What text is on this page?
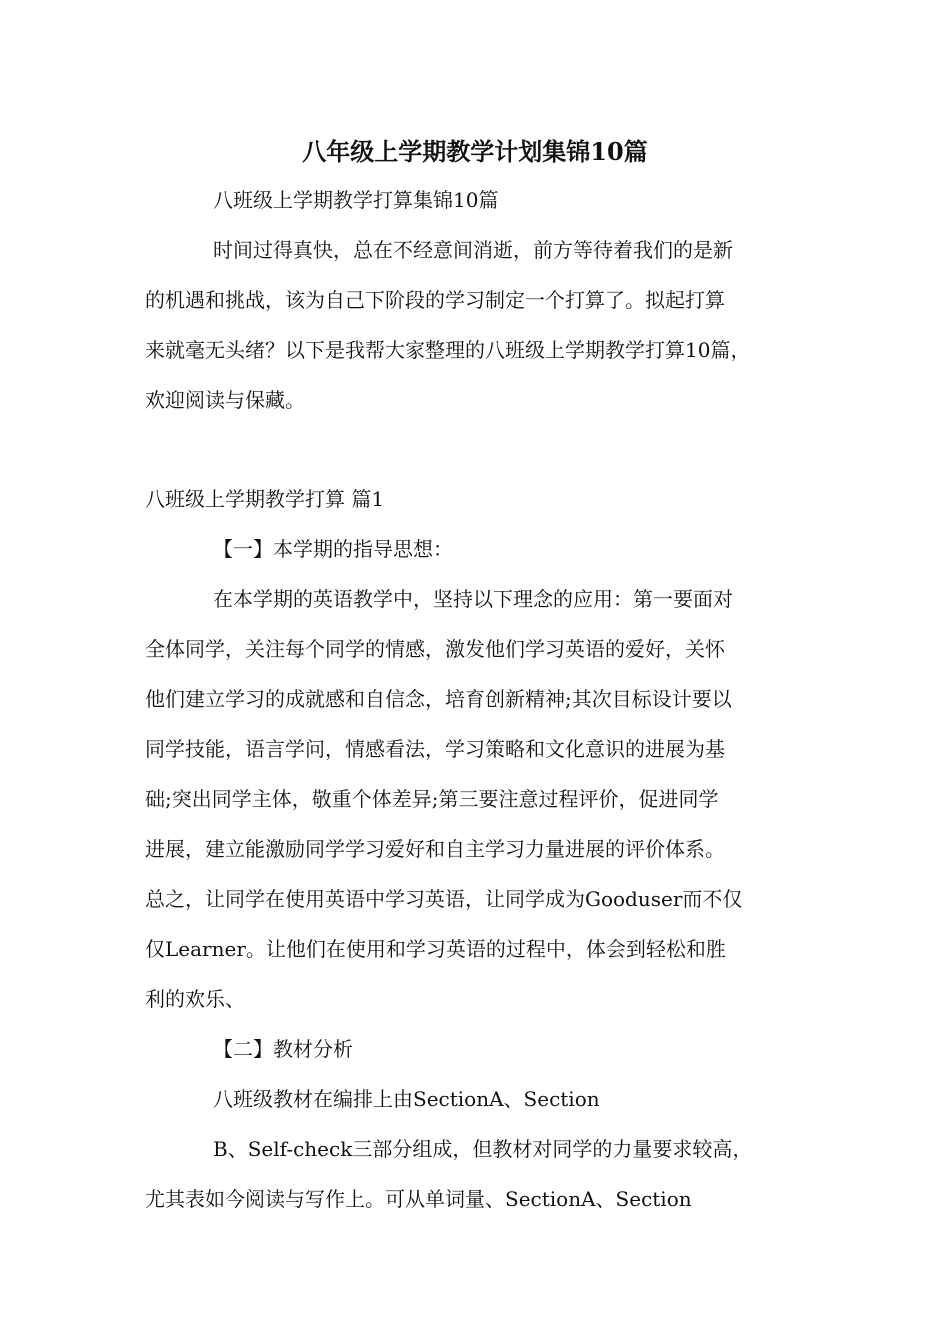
八年级上学期教学计划集锦10篇

八班级上学期教学打算集锦10篇

时间过得真快，总在不经意间消逝，前方等待着我们的是新

的机遇和挑战，该为自己下阶段的学习制定一个打算了。拟起打算

来就毫无头绪？以下是我帮大家整理的八班级上学期教学打算10篇，

欢迎阅读与保藏。

八班级上学期教学打算 篇1

【一】本学期的指导思想：

在本学期的英语教学中，坚持以下理念的应用：第一要面对

全体同学，关注每个同学的情感，激发他们学习英语的爱好，关怀

他们建立学习的成就感和自信念，培育创新精神;其次目标设计要以

同学技能，语言学问，情感看法，学习策略和文化意识的进展为基

础;突出同学主体，敬重个体差异;第三要注意过程评价，促进同学

进展，建立能激励同学学习爱好和自主学习力量进展的评价体系。

总之，让同学在使用英语中学习英语，让同学成为Gooduser而不仅

仅Learner。让他们在使用和学习英语的过程中，体会到轻松和胜

利的欢乐、

【二】教材分析

八班级教材在编排上由SectionA、Section

B、Self-check三部分组成，但教材对同学的力量要求较高，

尤其表如今阅读与写作上。可从单词量、SectionA、Section
